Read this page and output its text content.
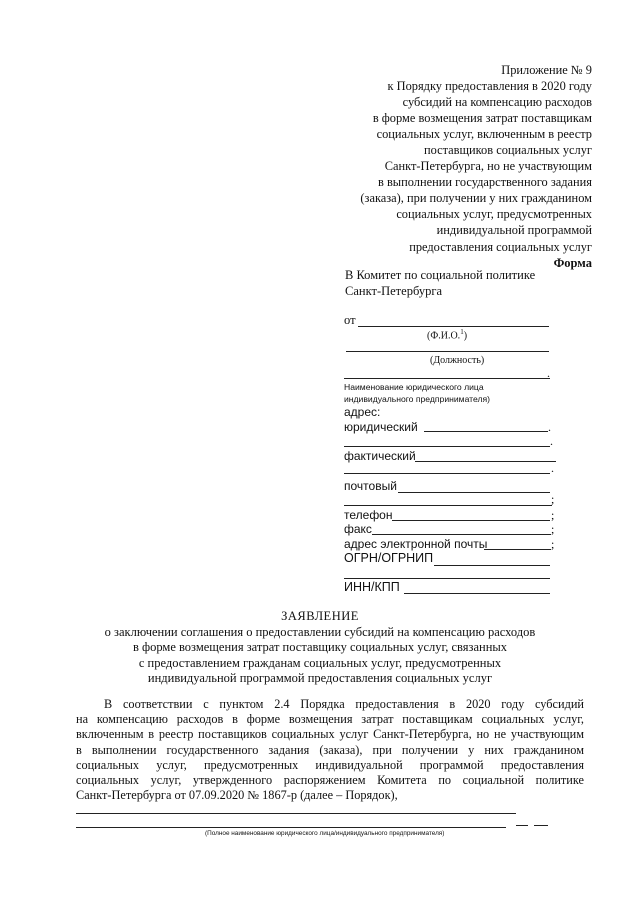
Приложение № 9
к Порядку предоставления в 2020 году
субсидий на компенсацию расходов
в форме возмещения затрат поставщикам
социальных услуг, включенным в реестр
поставщиков социальных услуг
Санкт-Петербурга, но не участвующим
в выполнении государственного задания
(заказа), при получении у них гражданином
социальных услуг, предусмотренных
индивидуальной программой
предоставления социальных услуг
Форма
В Комитет по социальной политике
Санкт-Петербурга
от
(Ф.И.О.$^1$)
(Должность)
.
Наименование юридического лица
индивидуального предпринимателя)
адрес:
юридический	.
.
фактический
.
почтовый
;
телефон	;
факс	;
адрес электронной почты	;
ОГРН/ОГРНИП
ИНН/КПП
ЗАЯВЛЕНИЕ
о заключении соглашения о предоставлении субсидий на компенсацию расходов
в форме возмещения затрат поставщику социальных услуг, связанных
с предоставлением гражданам социальных услуг, предусмотренных
индивидуальной программой предоставления социальных услуг
В соответствии с пунктом 2.4 Порядка предоставления в 2020 году субсидий
на компенсацию расходов в форме возмещения затрат поставщикам социальных услуг,
включенным в реестр поставщиков социальных услуг Санкт-Петербурга, но не участвующим
в выполнении государственного задания (заказа), при получении у них гражданином
социальных услуг, предусмотренных индивидуальной программой предоставления
социальных услуг, утвержденного распоряжением Комитета по социальной политике
Санкт-Петербурга от 07.09.2020 № 1867-р (далее – Порядок),
(Полное наименование юридического лица/индивидуального предпринимателя)
